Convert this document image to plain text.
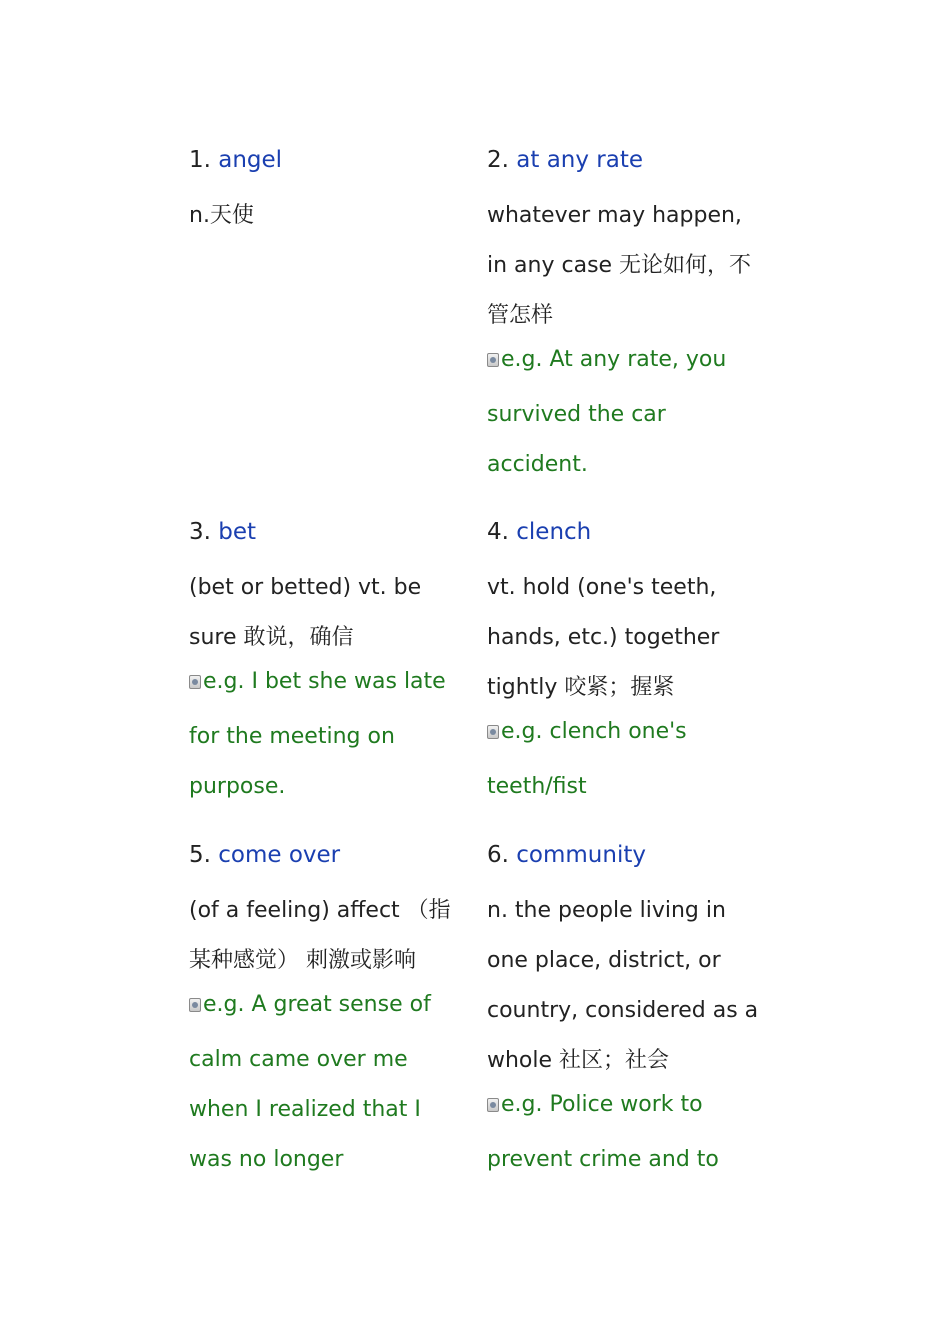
1. angel
n.天使
2. at any rate
whatever may happen,
in any case 无论如何，不
管怎样
e.g. At any rate, you
survived the car
accident.
3. bet
(bet or betted) vt. be
sure 敢说，确信
e.g. I bet she was late
for the meeting on
purpose.
4. clench
vt. hold (one's teeth,
hands, etc.) together
tightly 咬紧；握紧
e.g. clench one's
teeth/fist
5. come over
(of a feeling) affect （指
某种感觉） 刺激或影响
e.g. A great sense of
calm came over me
when I realized that I
was no longer
6. community
n. the people living in
one place, district, or
country, considered as a
whole 社区；社会
e.g. Police work to
prevent crime and to
